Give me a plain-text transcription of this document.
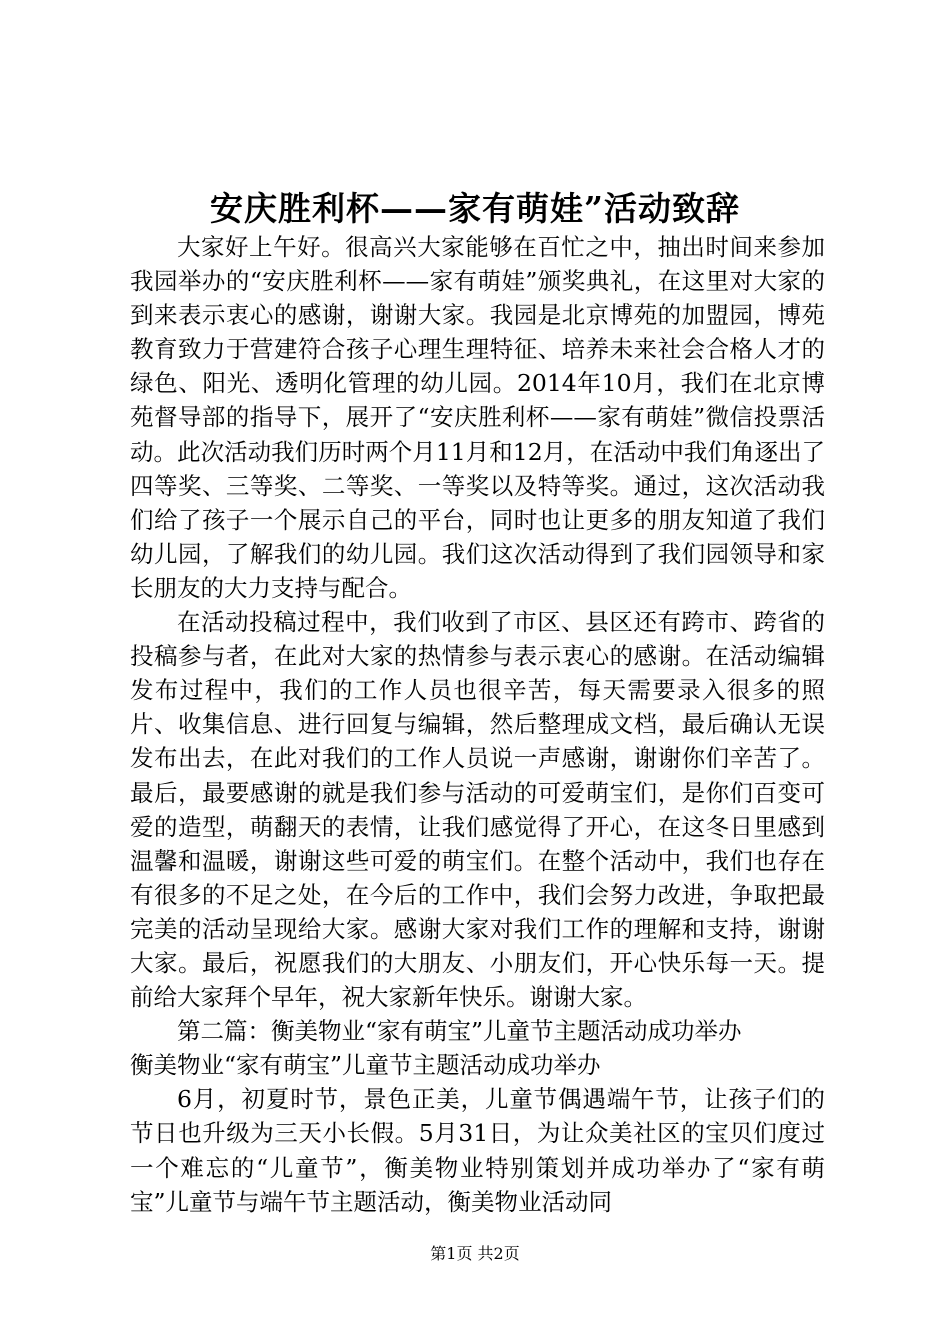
安庆胜利杯——家有萌娃”活动致辞

大家好上午好。很高兴大家能够在百忙之中，抽出时间来参加我园举办的“安庆胜利杯——家有萌娃”颁奖典礼，在这里对大家的到来表示衷心的感谢，谢谢大家。我园是北京博苑的加盟园，博苑教育致力于营建符合孩子心理生理特征、培养未来社会合格人才的绿色、阳光、透明化管理的幼儿园。2014年10月，我们在北京博苑督导部的指导下，展开了“安庆胜利杯——家有萌娃”微信投票活动。此次活动我们历时两个月11月和12月，在活动中我们角逐出了四等奖、三等奖、二等奖、一等奖以及特等奖。通过，这次活动我们给了孩子一个展示自己的平台，同时也让更多的朋友知道了我们幼儿园，了解我们的幼儿园。我们这次活动得到了我们园领导和家长朋友的大力支持与配合。

在活动投稿过程中，我们收到了市区、县区还有跨市、跨省的投稿参与者，在此对大家的热情参与表示衷心的感谢。在活动编辑发布过程中，我们的工作人员也很辛苦，每天需要录入很多的照片、收集信息、进行回复与编辑，然后整理成文档，最后确认无误发布出去，在此对我们的工作人员说一声感谢，谢谢你们辛苦了。最后，最要感谢的就是我们参与活动的可爱萌宝们，是你们百变可爱的造型，萌翻天的表情，让我们感觉得了开心，在这冬日里感到温馨和温暖，谢谢这些可爱的萌宝们。在整个活动中，我们也存在有很多的不足之处，在今后的工作中，我们会努力改进，争取把最完美的活动呈现给大家。感谢大家对我们工作的理解和支持，谢谢大家。最后，祝愿我们的大朋友、小朋友们，开心快乐每一天。提前给大家拜个早年，祝大家新年快乐。谢谢大家。

第二篇：衡美物业“家有萌宝”儿童节主题活动成功举办

衡美物业“家有萌宝”儿童节主题活动成功举办

6月，初夏时节，景色正美，儿童节偶遇端午节，让孩子们的节日也升级为三天小长假。5月31日，为让众美社区的宝贝们度过一个难忘的“儿童节”，衡美物业特别策划并成功举办了“家有萌宝”儿童节与端午节主题活动，衡美物业活动同

第1页 共2页
